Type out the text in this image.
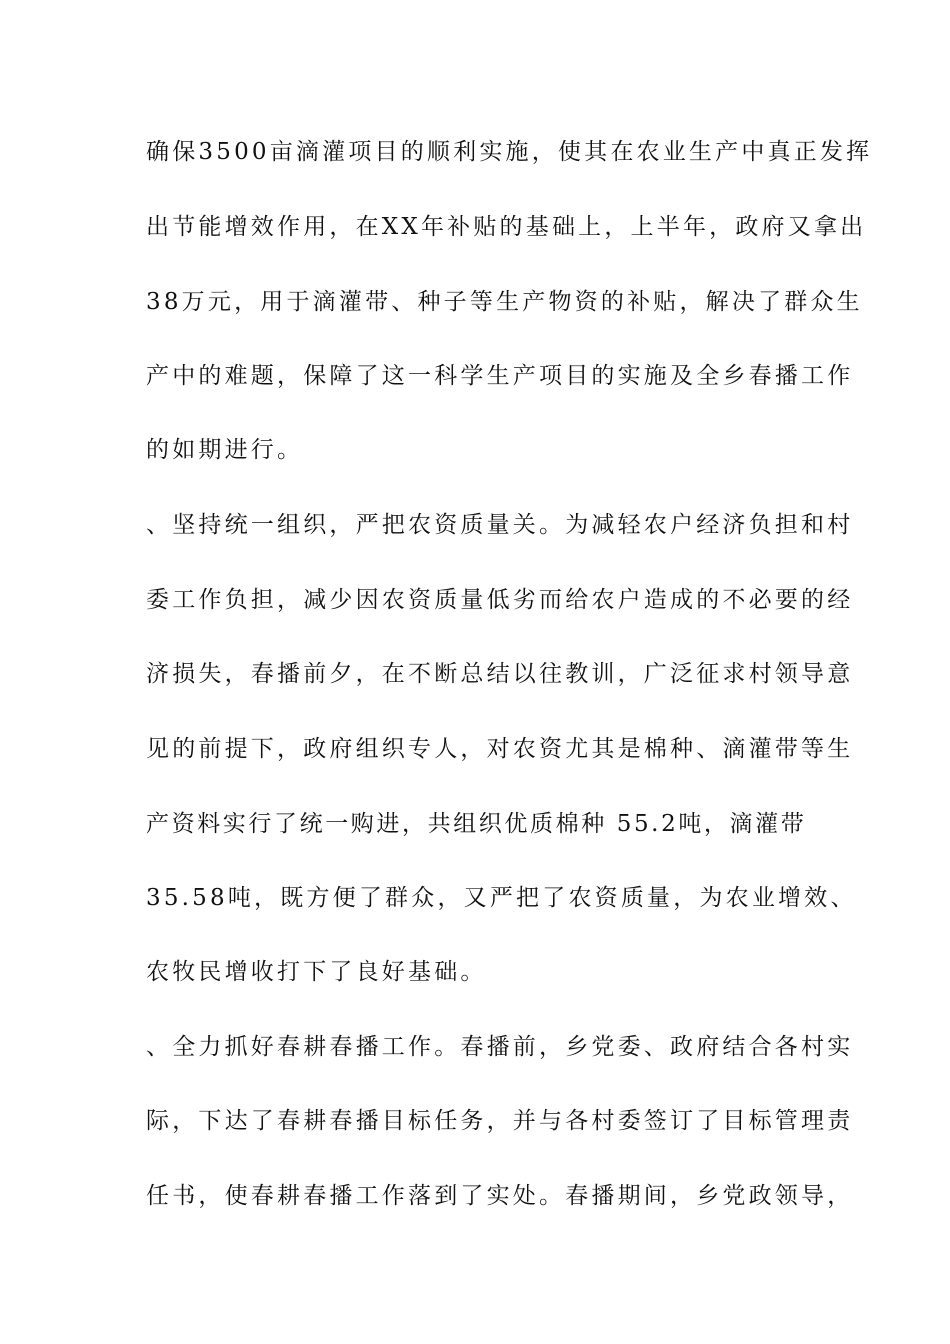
确保3500亩滴灌项目的顺利实施，使其在农业生产中真正发挥
出节能增效作用，在XX年补贴的基础上，上半年，政府又拿出
38万元，用于滴灌带、种子等生产物资的补贴，解决了群众生
产中的难题，保障了这一科学生产项目的实施及全乡春播工作
的如期进行。
、坚持统一组织，严把农资质量关。为减轻农户经济负担和村
委工作负担，减少因农资质量低劣而给农户造成的不必要的经
济损失，春播前夕，在不断总结以往教训，广泛征求村领导意
见的前提下，政府组织专人，对农资尤其是棉种、滴灌带等生
产资料实行了统一购进，共组织优质棉种 55.2吨，滴灌带
35.58吨，既方便了群众，又严把了农资质量，为农业增效、
农牧民增收打下了良好基础。
、全力抓好春耕春播工作。春播前，乡党委、政府结合各村实
际，下达了春耕春播目标任务，并与各村委签订了目标管理责
任书，使春耕春播工作落到了实处。春播期间，乡党政领导，
